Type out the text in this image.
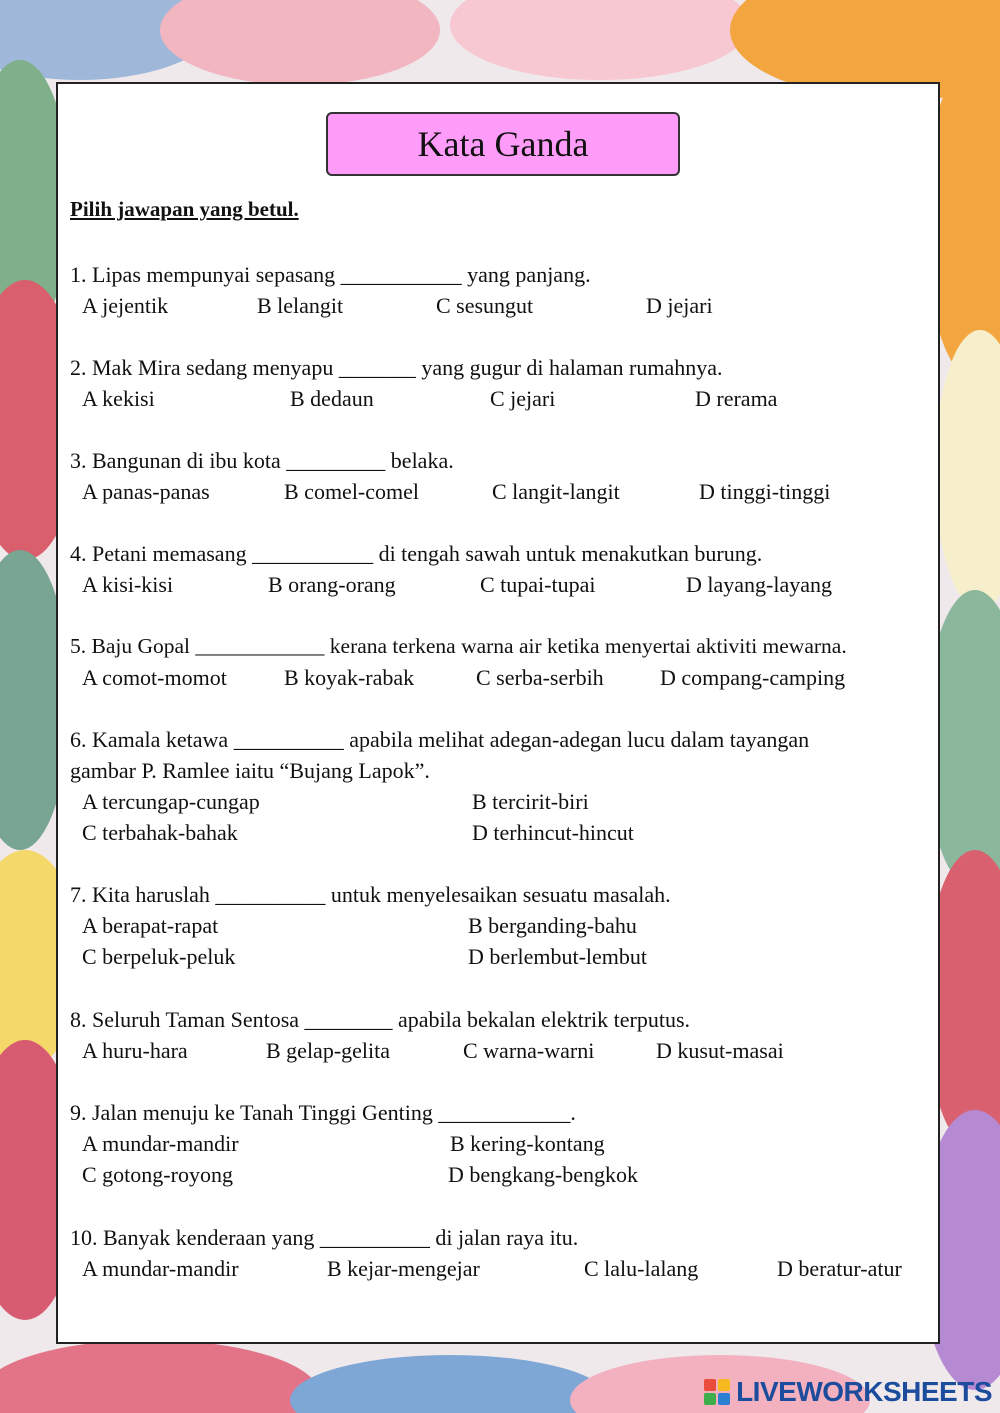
Kata Ganda
Pilih jawapan yang betul.
1. Lipas mempunyai sepasang ___________ yang panjang.
A jejentik	B lelangit	C sesungut	D jejari
2. Mak Mira sedang menyapu _______ yang gugur di halaman rumahnya.
A kekisi	B dedaun	C jejari	D rerama
3. Bangunan di ibu kota _________ belaka.
A panas-panas	B comel-comel	C langit-langit	D tinggi-tinggi
4. Petani memasang ___________ di tengah sawah untuk menakutkan burung.
A kisi-kisi	B orang-orang	C tupai-tupai	D layang-layang
5. Baju Gopal ____________ kerana terkena warna air ketika menyertai aktiviti mewarna.
A comot-momot	B koyak-rabak	C serba-serbih	D compang-camping
6. Kamala ketawa __________ apabila melihat adegan-adegan lucu dalam tayangan gambar P. Ramlee iaitu “Bujang Lapok”.
A tercungap-cungap	B tercirit-biri
C terbahak-bahak	D terhincut-hincut
7. Kita haruslah __________ untuk menyelesaikan sesuatu masalah.
A berapat-rapat	B berganding-bahu
C berpeluk-peluk	D berlembut-lembut
8. Seluruh Taman Sentosa ________ apabila bekalan elektrik terputus.
A huru-hara	B gelap-gelita	C warna-warni	D kusut-masai
9. Jalan menuju ke Tanah Tinggi Genting ____________.
A mundar-mandir	B kering-kontang
C gotong-royong	D bengkang-bengkok
10. Banyak kenderaan yang __________ di jalan raya itu.
A mundar-mandir	B kejar-mengejar	C lalu-lalang	D beratur-atur
LIVEWORKSHEETS
